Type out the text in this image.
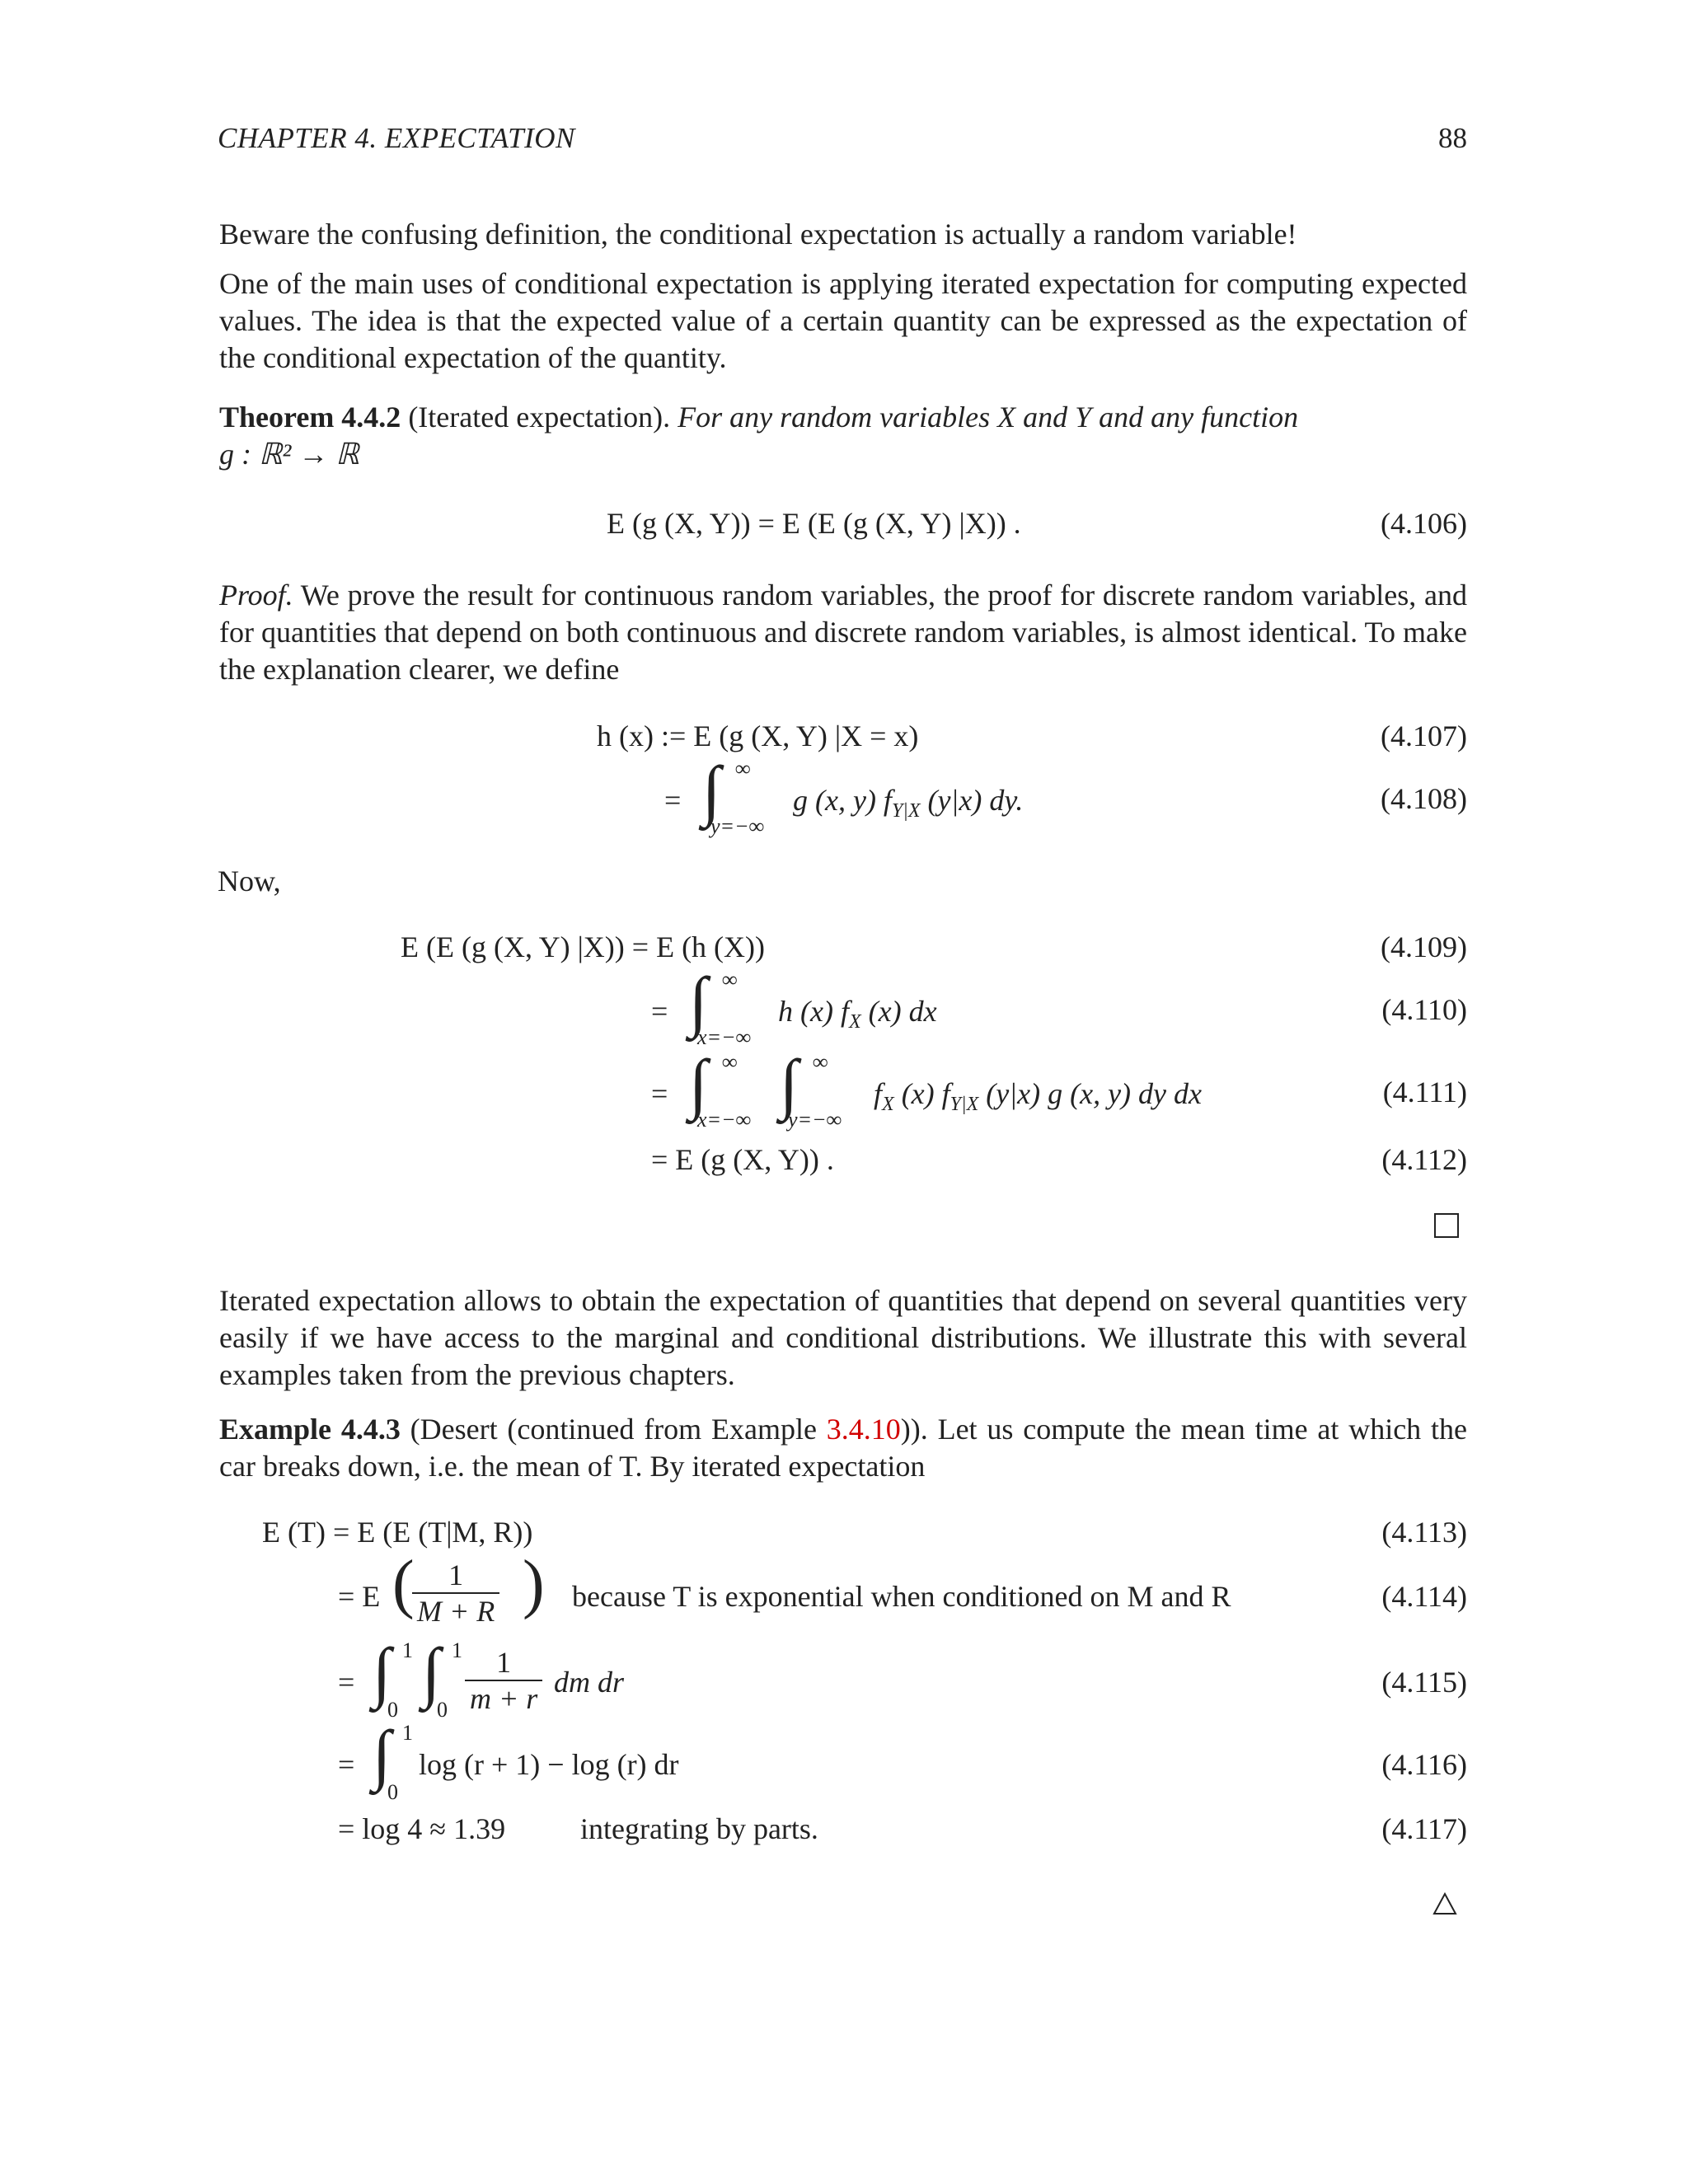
CHAPTER 4. EXPECTATION	88
Beware the confusing definition, the conditional expectation is actually a random variable!
One of the main uses of conditional expectation is applying iterated expectation for computing expected values. The idea is that the expected value of a certain quantity can be expressed as the expectation of the conditional expectation of the quantity.
Theorem 4.4.2 (Iterated expectation). For any random variables X and Y and any function
g : ℝ² → ℝ
E (g (X, Y)) = E (E (g (X, Y) |X)) .	(4.106)
Proof. We prove the result for continuous random variables, the proof for discrete random variables, and for quantities that depend on both continuous and discrete random variables, is almost identical. To make the explanation clearer, we define
h (x) := E (g (X, Y) |X = x)	(4.107)
= ∫ ∞
y=−∞
g (x, y) $f_{Y|X}$ (y|x) dy.	(4.108)
Now,
E (E (g (X, Y) |X)) = E (h (X))	(4.109)
= ∫ ∞
x=−∞
h (x) $f_X$ (x) dx	(4.110)
= ∫ ∞
x=−∞ ∫ ∞
y=−∞
$f_X$ (x) $f_{Y|X}$ (y|x) g (x, y) dy dx	(4.111)
= E (g (X, Y)) .	(4.112)
Iterated expectation allows to obtain the expectation of quantities that depend on several quantities very easily if we have access to the marginal and conditional distributions. We illustrate this with several examples taken from the previous chapters.
Example 4.4.3 (Desert (continued from Example 3.4.10)). Let us compute the mean time at which the car breaks down, i.e. the mean of T. By iterated expectation
E (T) = E (E (T|M, R))	(4.113)
= E (
$\frac{1}{M + R}$ ) because T is exponential when conditioned on M and R	(4.114)
= ∫ 1
0
∫ 1
$0 \frac{1}{m + r}$ dm dr	(4.115)
= ∫ 1
0
log (r + 1) − log (r) dr	(4.116)
= log 4 ≈ 1.39	integrating by parts.	(4.117)
